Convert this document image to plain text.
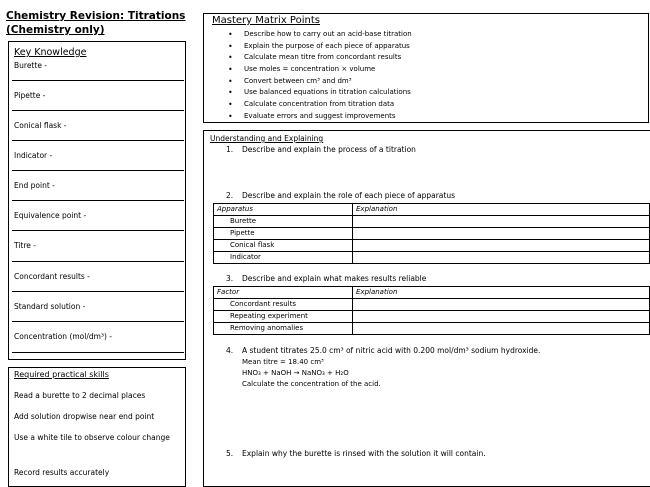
Chemistry Revision: Titrations
(Chemistry only)
Key Knowledge
Burette -
Pipette -
Conical flask -
Indicator -
End point -
Equivalence point -
Titre -
Concordant results -
Standard solution -
Concentration (mol/dm³) -
Required practical skills
Read a burette to 2 decimal places
Add solution dropwise near end point
Use a white tile to observe colour change
Record results accurately
Mastery Matrix Points
• Describe how to carry out an acid-base titration
• Explain the purpose of each piece of apparatus
• Calculate mean titre from concordant results
• Use moles = concentration × volume
• Convert between cm³ and dm³
• Use balanced equations in titration calculations
• Calculate concentration from titration data
• Evaluate errors and suggest improvements
Understanding and Explaining
1. Describe and explain the process of a titration
2. Describe and explain the role of each piece of apparatus
Apparatus	Explanation
Burette	
Pipette	
Conical flask	
Indicator	
3. Describe and explain what makes results reliable
Factor	Explanation
Concordant results	
Repeating experiment	
Removing anomalies	
4. A student titrates 25.0 cm³ of nitric acid with 0.200 mol/dm³ sodium hydroxide.
Mean titre = 18.40 cm³
HNO₃ + NaOH → NaNO₃ + H₂O
Calculate the concentration of the acid.
5. Explain why the burette is rinsed with the solution it will contain.
